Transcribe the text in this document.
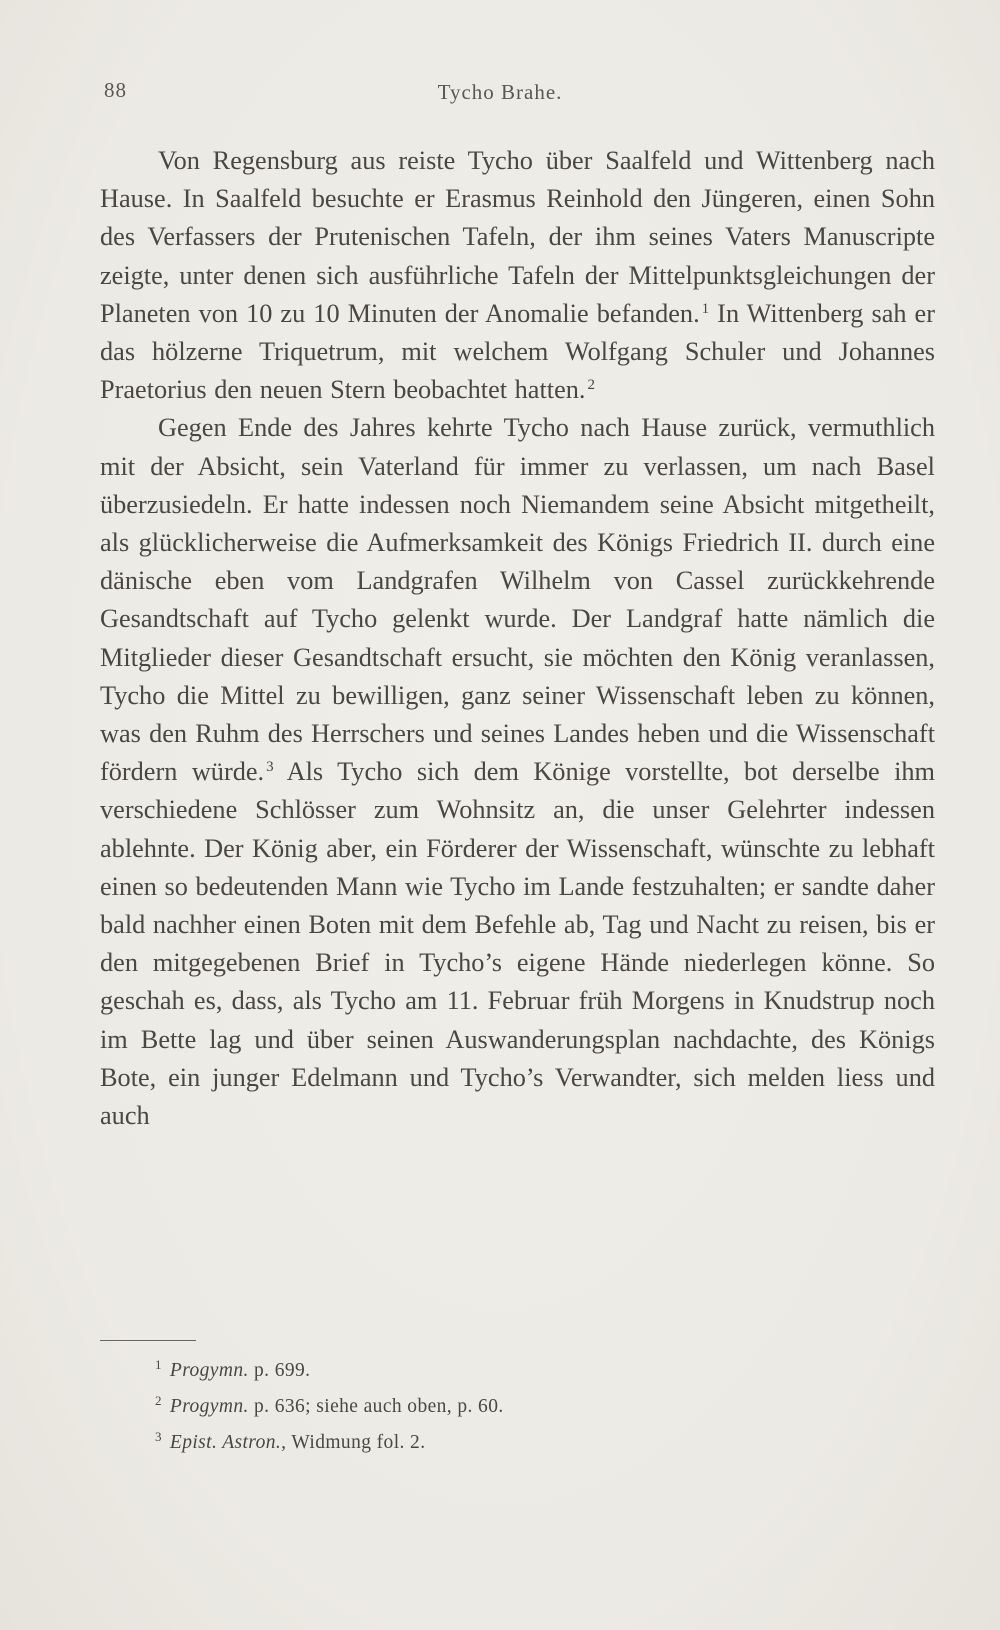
88	Tycho Brahe.

Von Regensburg aus reiste Tycho über Saalfeld und Wittenberg nach Hause. In Saalfeld besuchte er Erasmus Reinhold den Jüngeren, einen Sohn des Verfassers der Prutenischen Tafeln, der ihm seines Vaters Manuscripte zeigte, unter denen sich ausführliche Tafeln der Mittelpunktsgleichungen der Planeten von 10 zu 10 Minuten der Anomalie befanden. $^1$ In Wittenberg sah er das hölzerne Triquetrum, mit welchem Wolfgang Schuler und Johannes Praetorius den neuen Stern beobachtet hatten. $^2$

Gegen Ende des Jahres kehrte Tycho nach Hause zurück, vermuthlich mit der Absicht, sein Vaterland für immer zu verlassen, um nach Basel überzusiedeln. Er hatte indessen noch Niemandem seine Absicht mitgetheilt, als glücklicherweise die Aufmerksamkeit des Königs Friedrich II. durch eine dänische eben vom Landgrafen Wilhelm von Cassel zurückkehrende Gesandtschaft auf Tycho gelenkt wurde. Der Landgraf hatte nämlich die Mitglieder dieser Gesandtschaft ersucht, sie möchten den König veranlassen, Tycho die Mittel zu bewilligen, ganz seiner Wissenschaft leben zu können, was den Ruhm des Herrschers und seines Landes heben und die Wissenschaft fördern würde. $^3$ Als Tycho sich dem Könige vorstellte, bot derselbe ihm verschiedene Schlösser zum Wohnsitz an, die unser Gelehrter indessen ablehnte. Der König aber, ein Förderer der Wissenschaft, wünschte zu lebhaft einen so bedeutenden Mann wie Tycho im Lande festzuhalten; er sandte daher bald nachher einen Boten mit dem Befehle ab, Tag und Nacht zu reisen, bis er den mitgegebenen Brief in Tycho’s eigene Hände niederlegen könne. So geschah es, dass, als Tycho am 11. Februar früh Morgens in Knudstrup noch im Bette lag und über seinen Auswanderungsplan nachdachte, des Königs Bote, ein junger Edelmann und Tycho’s Verwandter, sich melden liess und auch

$^1$ Progymn. p. 699.
$^2$ Progymn. p. 636; siehe auch oben, p. 60.
$^3$ Epist. Astron., Widmung fol. 2.
